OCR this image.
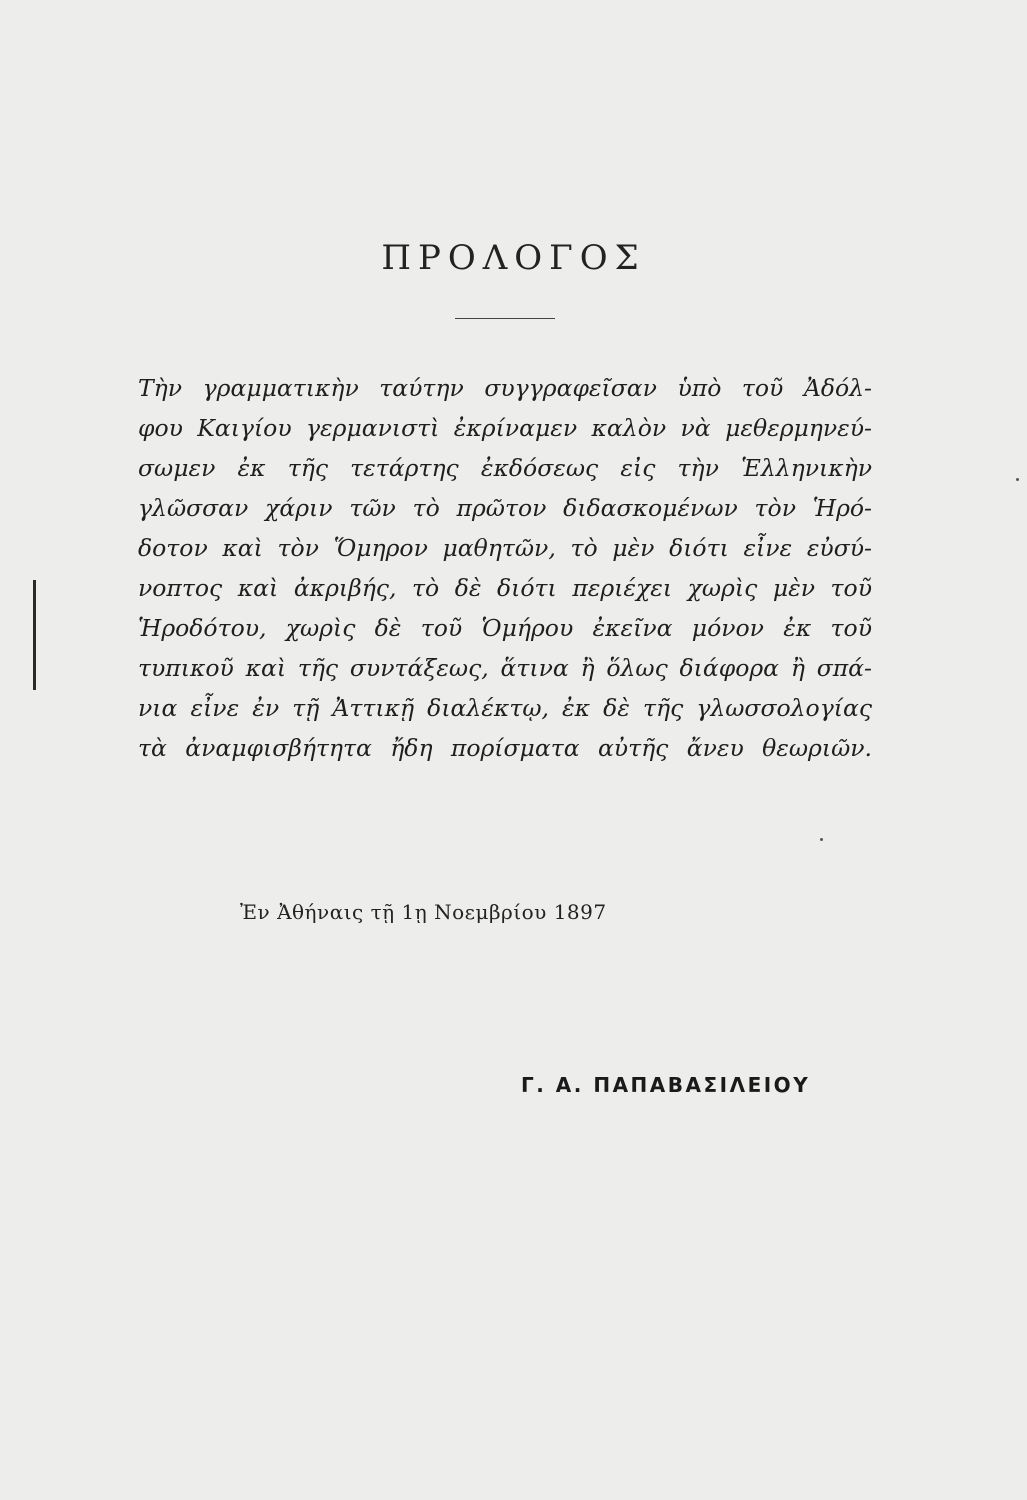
ΠΡΟΛΟΓΟΣ
Τὴν γραμματικὴν ταύτην συγγραφεῖσαν ὑπὸ τοῦ Ἀδόλ-
φου Καιγίου γερμανιστὶ ἐκρίναμεν καλὸν νὰ μεθερμηνεύ-
σωμεν ἐκ τῆς τετάρτης ἐκδόσεως εἰς τὴν Ἑλληνικὴν
γλῶσσαν χάριν τῶν τὸ πρῶτον διδασκομένων τὸν Ἡρό-
δοτον καὶ τὸν Ὅμηρον μαθητῶν, τὸ μὲν διότι εἶνε εὐσύ-
νοπτος καὶ ἀκριβής, τὸ δὲ διότι περιέχει χωρὶς μὲν τοῦ
Ἡροδότου, χωρὶς δὲ τοῦ Ὁμήρου ἐκεῖνα μόνον ἐκ τοῦ
τυπικοῦ καὶ τῆς συντάξεως, ἅτινα ἢ ὅλως διάφορα ἢ σπά-
νια εἶνε ἐν τῇ Ἀττικῇ διαλέκτῳ, ἐκ δὲ τῆς γλωσσολογίας
τὰ ἀναμφισβήτητα ἤδη πορίσματα αὐτῆς ἄνευ θεωριῶν.
Ἐν Ἀθήναις τῇ 1ῃ Νοεμβρίου 1897
Γ. Α. ΠΑΠΑΒΑΣΙΛΕΙΟΥ
